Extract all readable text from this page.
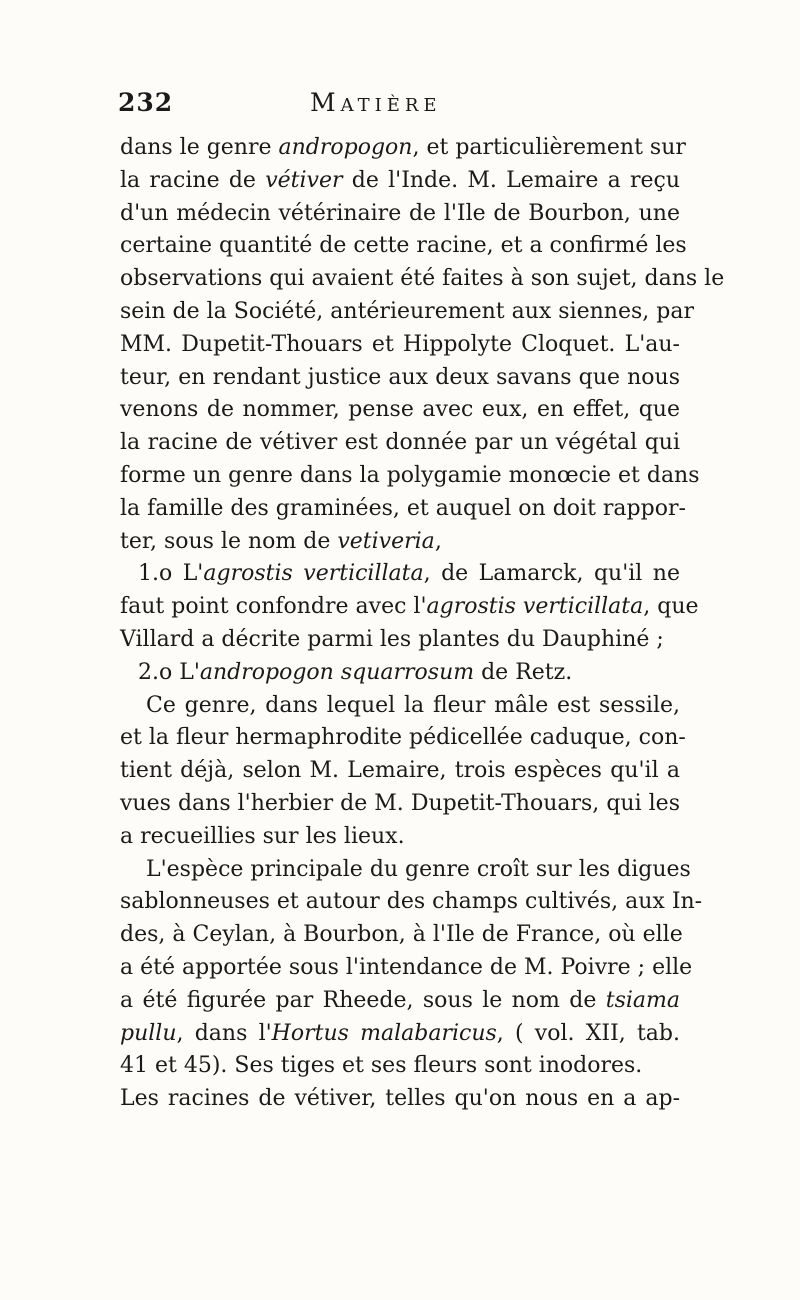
232	Matière
dans le genre andropogon, et particulièrement sur
la racine de vétiver de l'Inde. M. Lemaire a reçu
d'un médecin vétérinaire de l'Ile de Bourbon, une
certaine quantité de cette racine, et a confirmé les
observations qui avaient été faites à son sujet, dans le
sein de la Société, antérieurement aux siennes, par
MM. Dupetit-Thouars et Hippolyte Cloquet. L'au-
teur, en rendant justice aux deux savans que nous
venons de nommer, pense avec eux, en effet, que
la racine de vétiver est donnée par un végétal qui
forme un genre dans la polygamie monœcie et dans
la famille des graminées, et auquel on doit rappor-
ter, sous le nom de vetiveria,
1.o L'agrostis verticillata, de Lamarck, qu'il ne
faut point confondre avec l'agrostis verticillata, que
Villard a décrite parmi les plantes du Dauphiné ;
2.o L'andropogon squarrosum de Retz.
Ce genre, dans lequel la fleur mâle est sessile,
et la fleur hermaphrodite pédicellée caduque, con-
tient déjà, selon M. Lemaire, trois espèces qu'il a
vues dans l'herbier de M. Dupetit-Thouars, qui les
a recueillies sur les lieux.
L'espèce principale du genre croît sur les digues
sablonneuses et autour des champs cultivés, aux In-
des, à Ceylan, à Bourbon, à l'Ile de France, où elle
a été apportée sous l'intendance de M. Poivre ; elle
a été figurée par Rheede, sous le nom de tsiama
pullu, dans l'Hortus malabaricus, ( vol. XII, tab.
41 et 45). Ses tiges et ses fleurs sont inodores.
Les racines de vétiver, telles qu'on nous en a ap-
